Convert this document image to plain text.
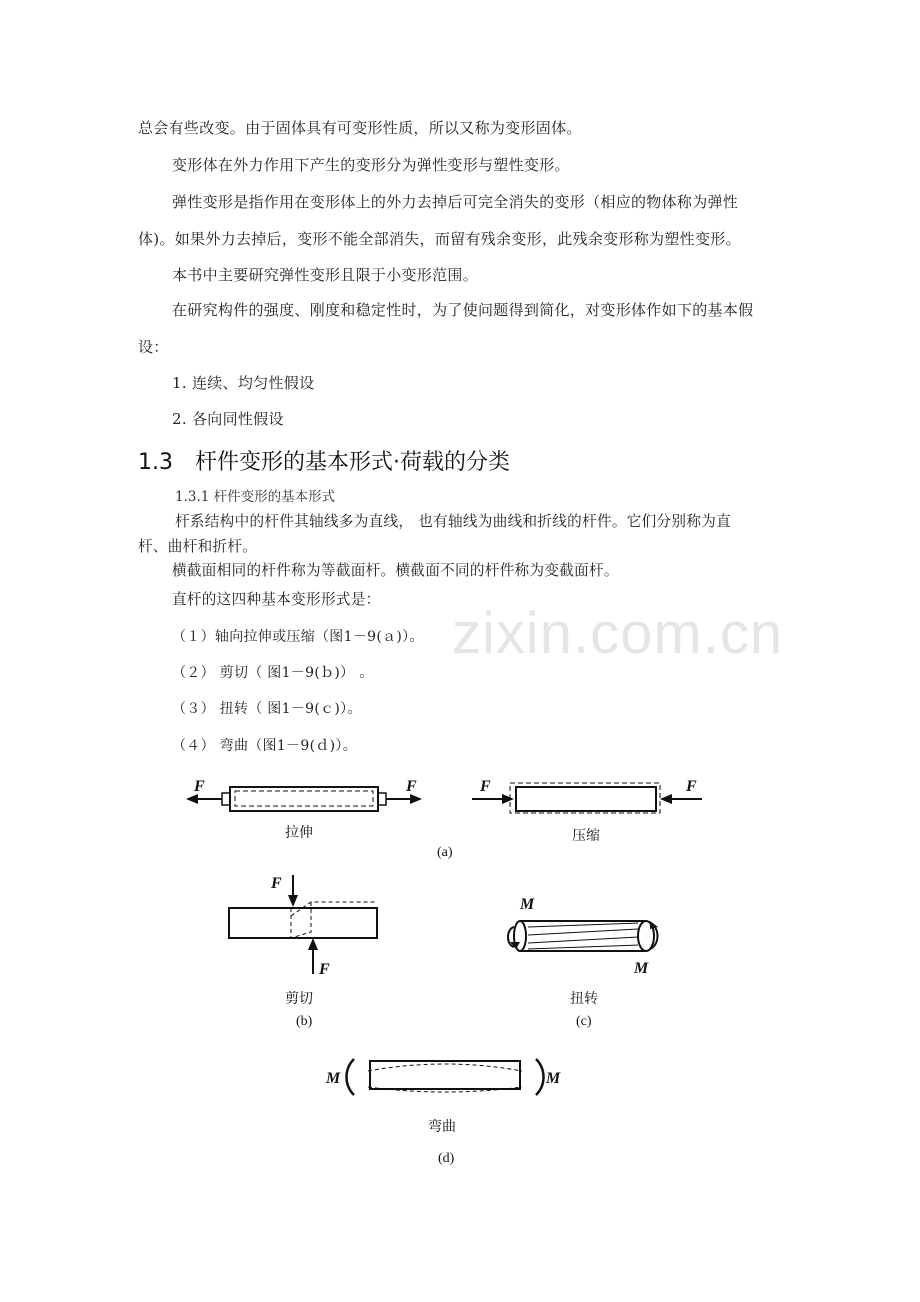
总会有些改变。由于固体具有可变形性质，所以又称为变形固体。
变形体在外力作用下产生的变形分为弹性变形与塑性变形。
弹性变形是指作用在变形体上的外力去掉后可完全消失的变形（相应的物体称为弹性
体)。如果外力去掉后，变形不能全部消失，而留有残余变形，此残余变形称为塑性变形。
本书中主要研究弹性变形且限于小变形范围。
在研究构件的强度、刚度和稳定性时，为了使问题得到简化，对变形体作如下的基本假
设：
1. 连续、均匀性假设
2. 各向同性假设
1.3 杆件变形的基本形式·荷载的分类
1.3.1 杆件变形的基本形式
杆系结构中的杆件其轴线多为直线， 也有轴线为曲线和折线的杆件。它们分别称为直
杆、曲杆和折杆。
横截面相同的杆件称为等截面杆。横截面不同的杆件称为变截面杆。
直杆的这四种基本变形形式是：
（１）轴向拉伸或压缩（图1－9(ａ)）。
（２） 剪切（ 图1－9(ｂ)） 。
（３） 扭转（ 图1－9(ｃ)）。
（４） 弯曲（图1－9(ｄ)）。
zixin.com.cn
F	F
拉伸
F	F
压缩
(a)
F
F
剪切
(b)
M
M
扭转
(c)
M	M
弯曲
(d)
